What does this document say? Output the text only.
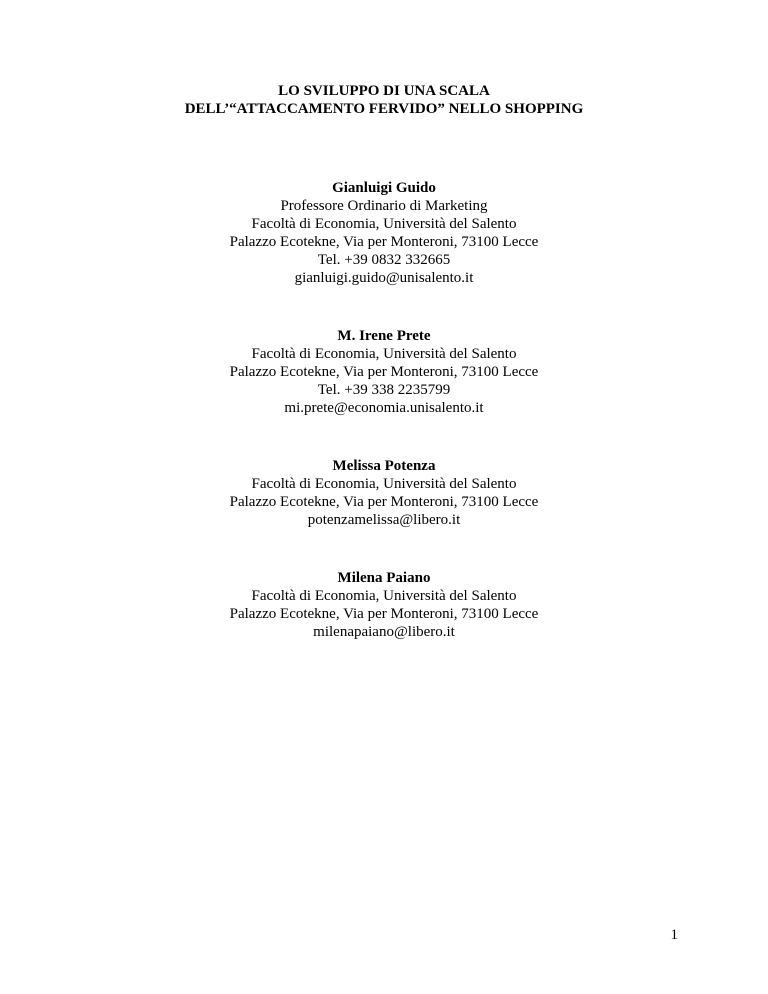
LO SVILUPPO DI UNA SCALA
DELL’“ATTACCAMENTO FERVIDO” NELLO SHOPPING
Gianluigi Guido
Professore Ordinario di Marketing
Facoltà di Economia, Università del Salento
Palazzo Ecotekne, Via per Monteroni, 73100 Lecce
Tel. +39 0832 332665
gianluigi.guido@unisalento.it
M. Irene Prete
Facoltà di Economia, Università del Salento
Palazzo Ecotekne, Via per Monteroni, 73100 Lecce
Tel. +39 338 2235799
mi.prete@economia.unisalento.it
Melissa Potenza
Facoltà di Economia, Università del Salento
Palazzo Ecotekne, Via per Monteroni, 73100 Lecce
potenzamelissa@libero.it
Milena Paiano
Facoltà di Economia, Università del Salento
Palazzo Ecotekne, Via per Monteroni, 73100 Lecce
milenapaiano@libero.it
1
